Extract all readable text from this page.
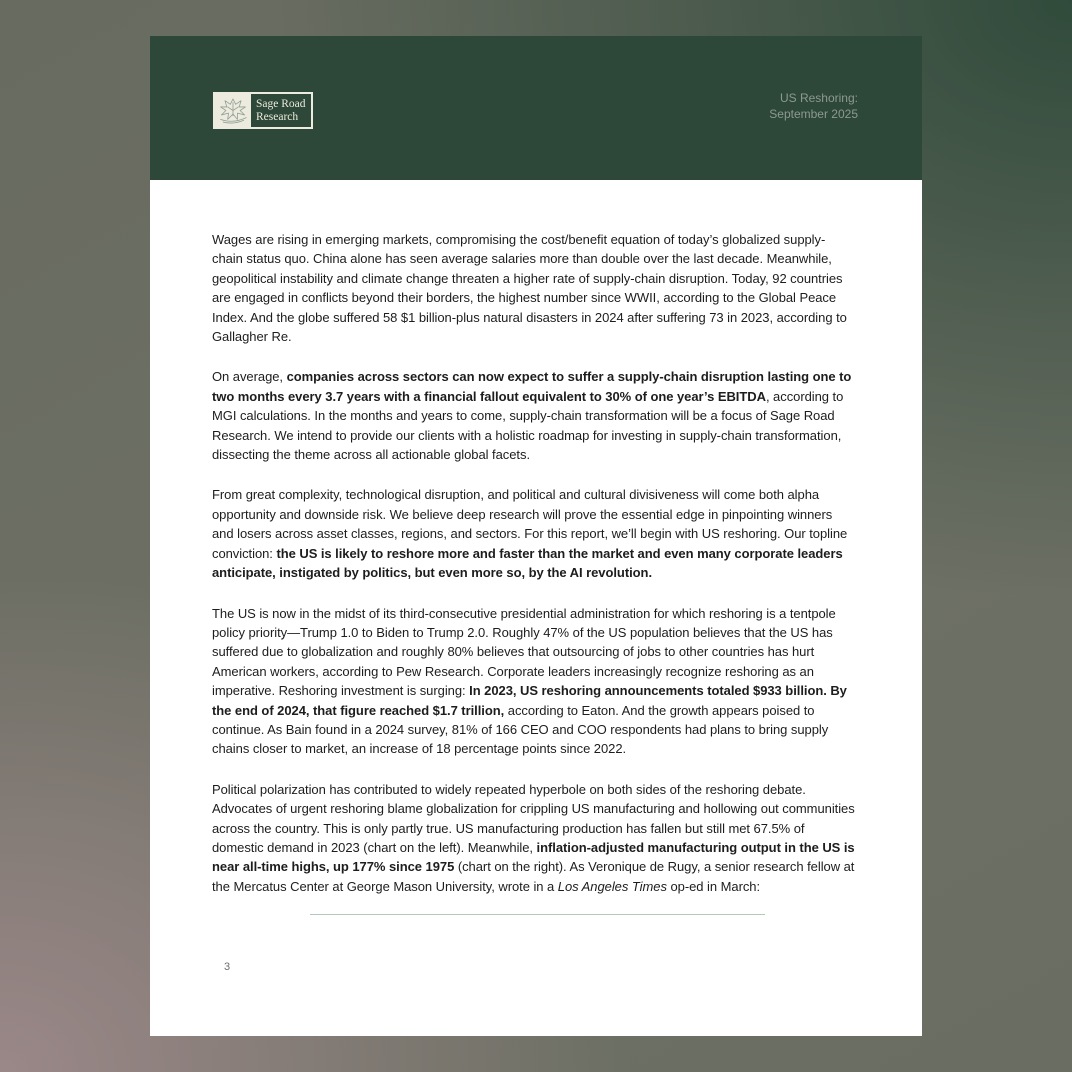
Sage Road
Research
US Reshoring:
September 2025

Wages are rising in emerging markets, compromising the cost/benefit equation of today’s globalized supply-chain status quo. China alone has seen average salaries more than double over the last decade. Meanwhile, geopolitical instability and climate change threaten a higher rate of supply-chain disruption. Today, 92 countries are engaged in conflicts beyond their borders, the highest number since WWII, according to the Global Peace Index. And the globe suffered 58 $1 billion-plus natural disasters in 2024 after suffering 73 in 2023, according to Gallagher Re.

On average, companies across sectors can now expect to suffer a supply-chain disruption lasting one to two months every 3.7 years with a financial fallout equivalent to 30% of one year’s EBITDA, according to MGI calculations. In the months and years to come, supply-chain transformation will be a focus of Sage Road Research. We intend to provide our clients with a holistic roadmap for investing in supply-chain transformation, dissecting the theme across all actionable global facets.

From great complexity, technological disruption, and political and cultural divisiveness will come both alpha opportunity and downside risk. We believe deep research will prove the essential edge in pinpointing winners and losers across asset classes, regions, and sectors. For this report, we’ll begin with US reshoring. Our topline conviction: the US is likely to reshore more and faster than the market and even many corporate leaders anticipate, instigated by politics, but even more so, by the AI revolution.

The US is now in the midst of its third-consecutive presidential administration for which reshoring is a tentpole policy priority—Trump 1.0 to Biden to Trump 2.0. Roughly 47% of the US population believes that the US has suffered due to globalization and roughly 80% believes that outsourcing of jobs to other countries has hurt American workers, according to Pew Research. Corporate leaders increasingly recognize reshoring as an imperative. Reshoring investment is surging: In 2023, US reshoring announcements totaled $933 billion. By the end of 2024, that figure reached $1.7 trillion, according to Eaton. And the growth appears poised to continue. As Bain found in a 2024 survey, 81% of 166 CEO and COO respondents had plans to bring supply chains closer to market, an increase of 18 percentage points since 2022.

Political polarization has contributed to widely repeated hyperbole on both sides of the reshoring debate. Advocates of urgent reshoring blame globalization for crippling US manufacturing and hollowing out communities across the country. This is only partly true. US manufacturing production has fallen but still met 67.5% of domestic demand in 2023 (chart on the left). Meanwhile, inflation-adjusted manufacturing output in the US is near all-time highs, up 177% since 1975 (chart on the right). As Veronique de Rugy, a senior research fellow at the Mercatus Center at George Mason University, wrote in a Los Angeles Times op-ed in March:

3
